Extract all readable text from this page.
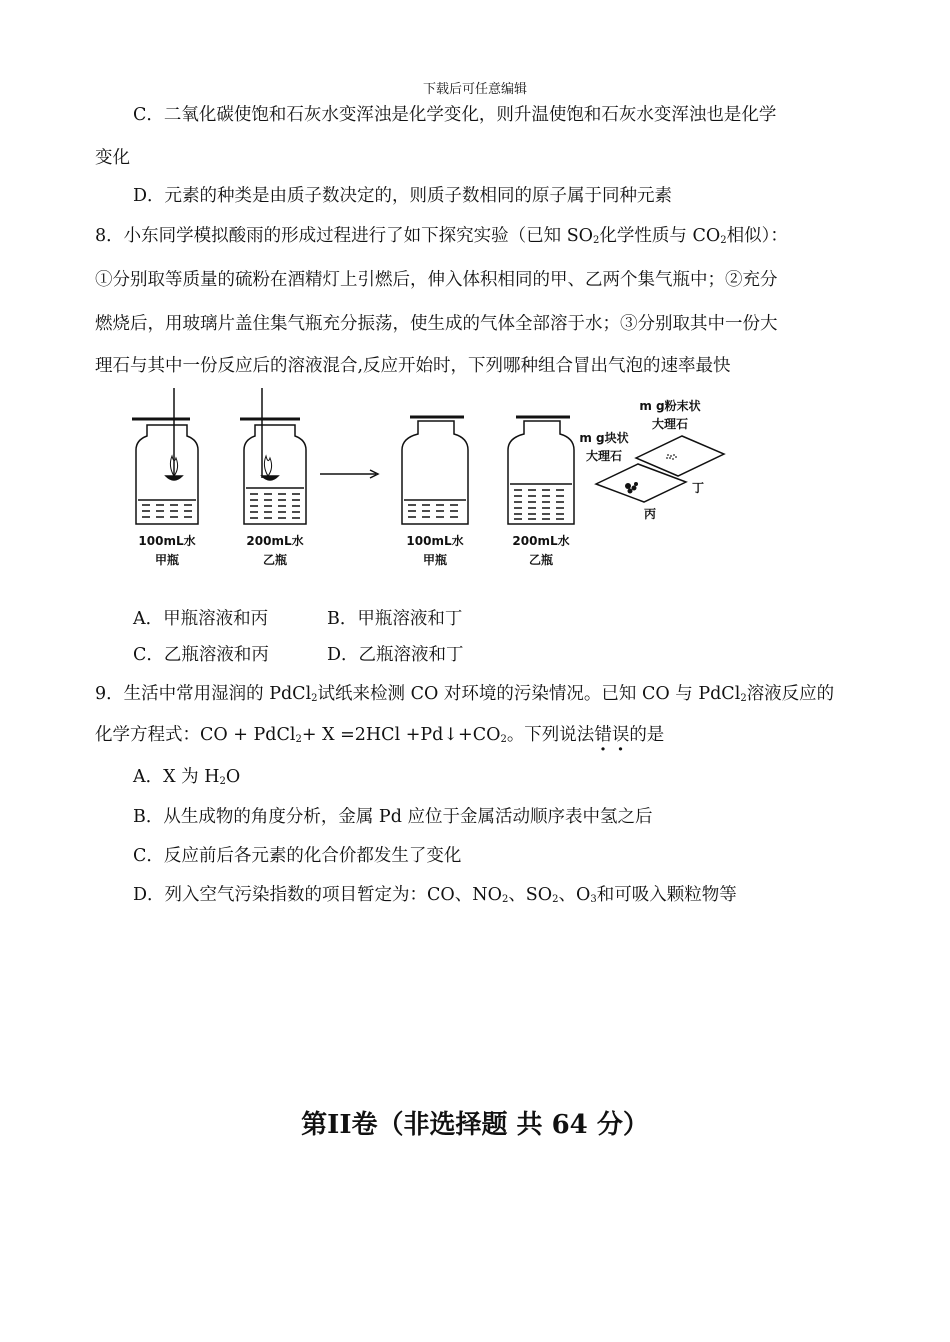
下载后可任意编辑
C．二氧化碳使饱和石灰水变浑浊是化学变化，则升温使饱和石灰水变浑浊也是化学
变化
D．元素的种类是由质子数决定的，则质子数相同的原子属于同种元素
8．小东同学模拟酸雨的形成过程进行了如下探究实验（已知 $SO_2$化学性质与 $CO_2$相似）：
①分别取等质量的硫粉在酒精灯上引燃后，伸入体积相同的甲、乙两个集气瓶中；②充分
燃烧后，用玻璃片盖住集气瓶充分振荡，使生成的气体全部溶于水；③分别取其中一份大
理石与其中一份反应后的溶液混合,反应开始时，下列哪种组合冒出气泡的速率最快
100mL水
甲瓶
200mL水
乙瓶
100mL水
甲瓶
200mL水
乙瓶
m g块状
大理石
m g粉末状
大理石
丙
丁
A．甲瓶溶液和丙	B．甲瓶溶液和丁
C．乙瓶溶液和丙	D．乙瓶溶液和丁
9．生活中常用湿润的 PdCl$_2$试纸来检测 CO 对环境的污染情况。已知 CO 与 PdCl$_2$溶液反应的
化学方程式：CO + PdCl$_2$+ $X =2HCl +Pd↓+CO_2$。下列说法错误的是
A．X 为 $H_2O$
B．从生成物的角度分析，金属 Pd 应位于金属活动顺序表中氢之后
C．反应前后各元素的化合价都发生了变化
D．列入空气污染指数的项目暂定为：CO、$NO_2$、$SO_2$、$O_3$和可吸入颗粒物等
第II卷（非选择题 共 64 分）
